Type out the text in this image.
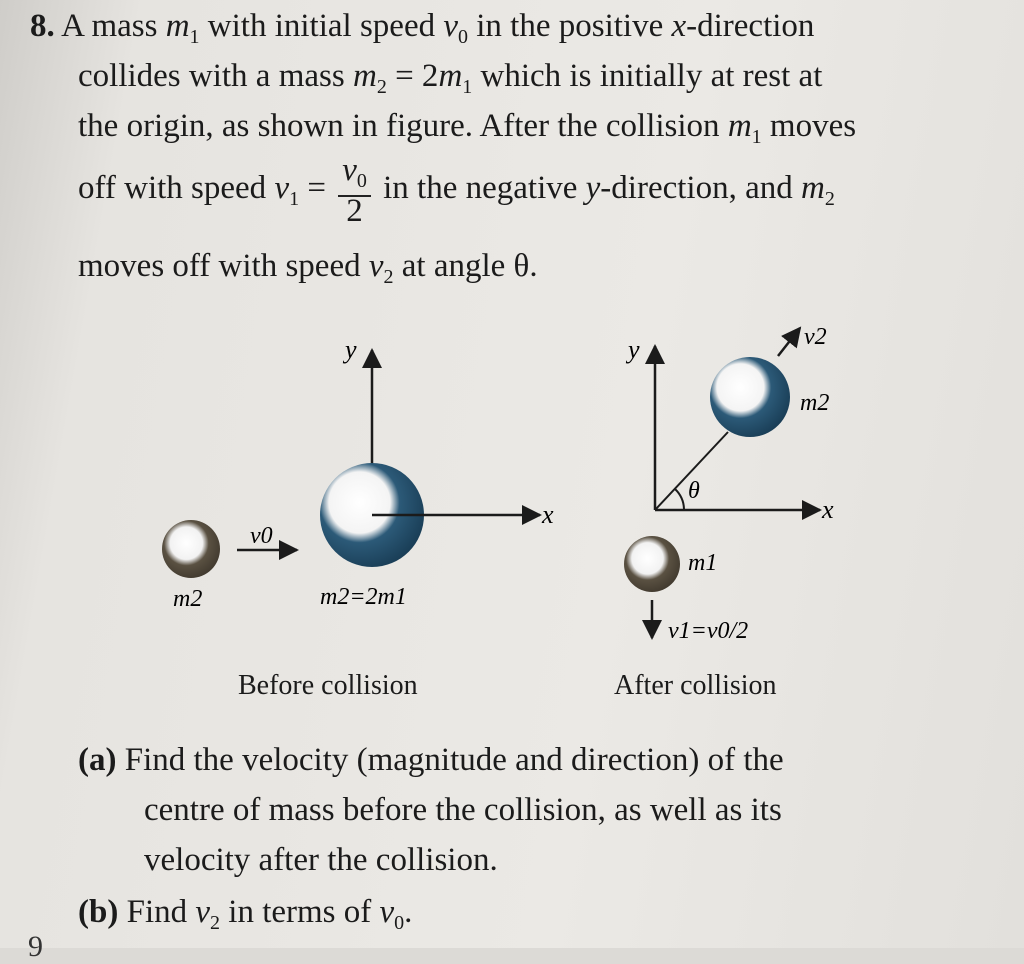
8. A mass $m_1$ with initial speed $v_0$ in the positive x-direction
collides with a mass $m_2 = 2m_1$ which is initially at rest at
the origin, as shown in figure. After the collision $m_1$ moves
off with speed $v_1 = \frac{v_0}{2}$ in the negative y-direction, and $m_2$
moves off with speed $v_2$ at angle θ.
y
x
v0
m2	m2=2m1
y
x
θ
v2
m2
m1
v1=v0/2
Before collision	After collision
(a) Find the velocity (magnitude and direction) of the
centre of mass before the collision, as well as its
velocity after the collision.
(b) Find $v_2$ in terms of $v_0$.
9
